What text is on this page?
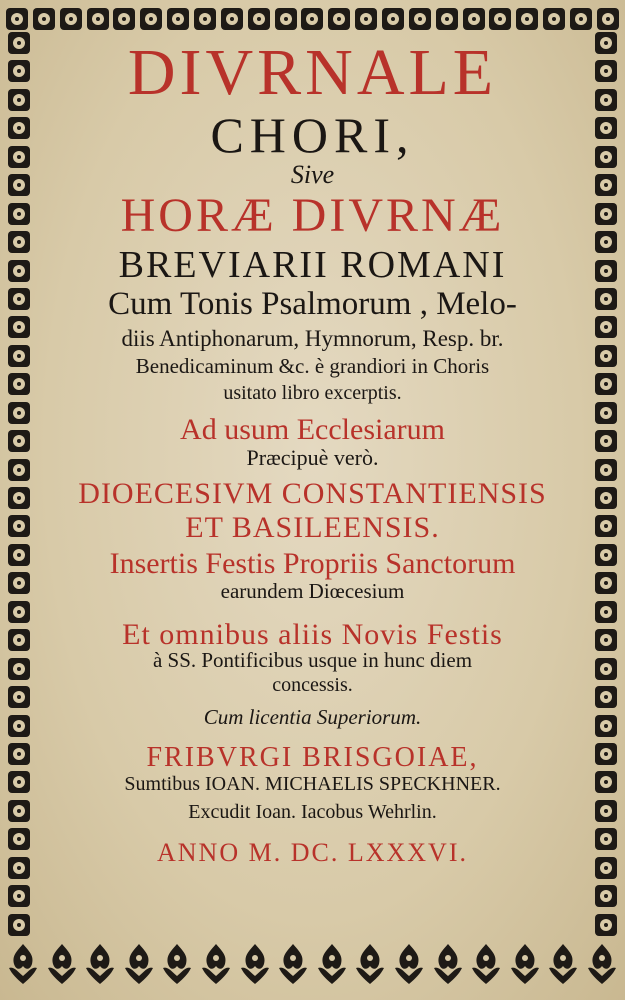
DIVRNALE
CHORI,
Sive
HORÆ DIVRNÆ
BREVIARII ROMANI
Cum Tonis Psalmorum , Melo-
diis Antiphonarum, Hymnorum, Resp. br.
Benedicaminum &c. è grandiori in Choris
usitato libro excerptis.
Ad usum Ecclesiarum
Præcipuè verò.
DIOECESIVM CONSTANTIENSIS
ET BASILEENSIS.
Insertis Festis Propriis Sanctorum
earundem Diœcesium
Et omnibus aliis Novis Festis
à SS. Pontificibus usque in hunc diem
concessis.
Cum licentia Superiorum.
FRIBVRGI BRISGOIAE,
Sumtibus IOAN. MICHAELIS SPECKHNER.
Excudit Ioan. Iacobus Wehrlin.
ANNO M. DC. LXXXVI.
